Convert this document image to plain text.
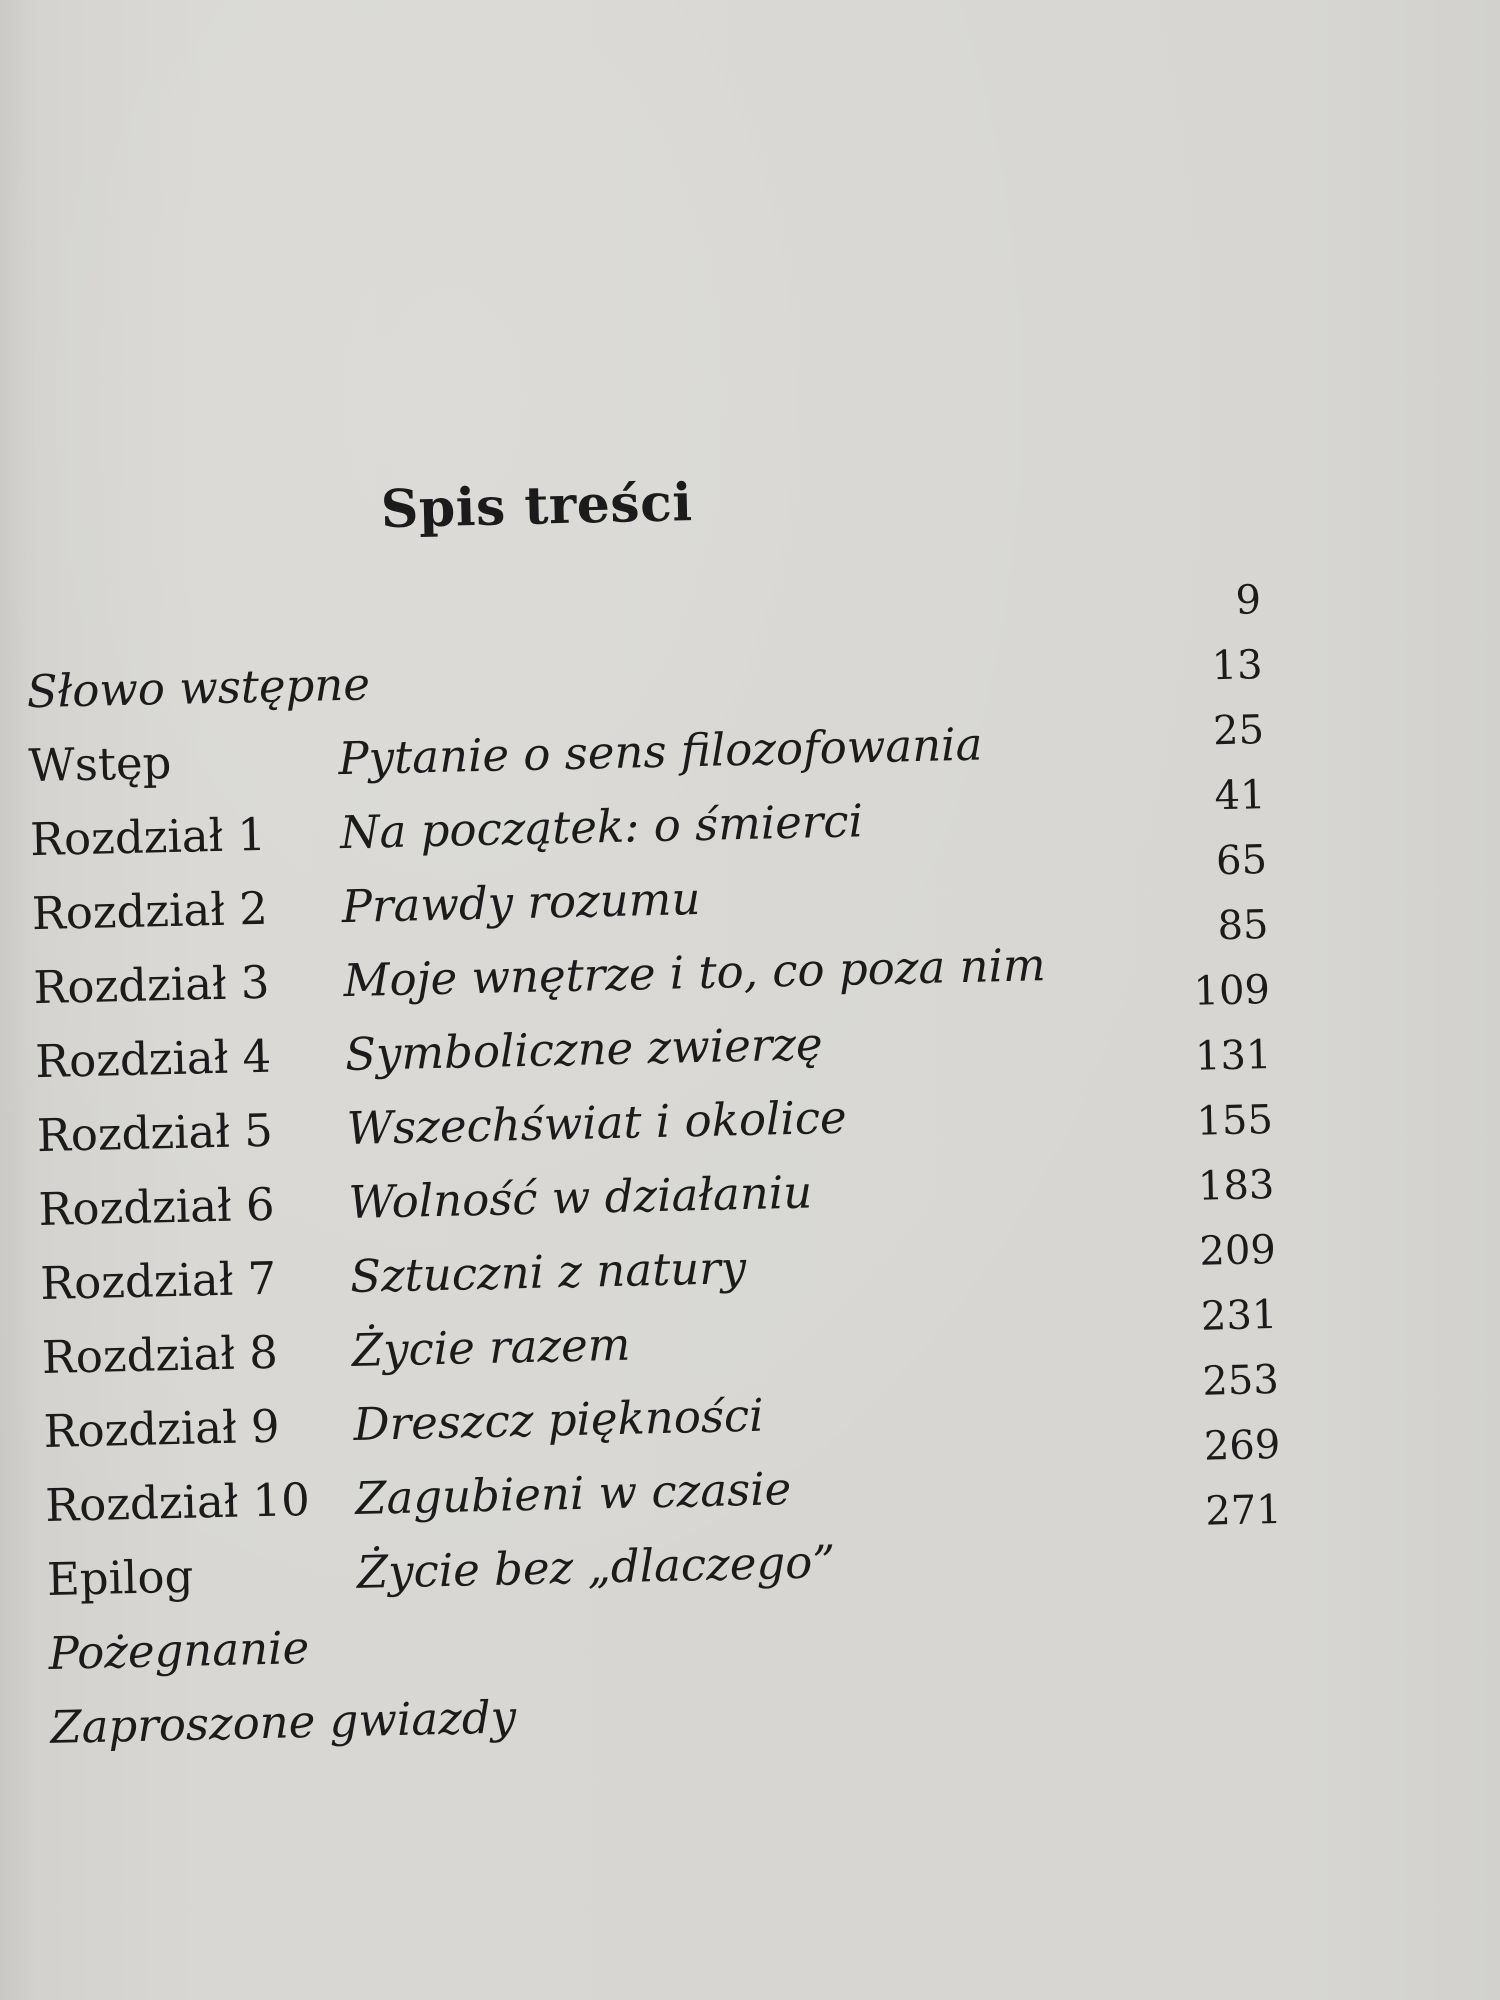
Spis treści
Słowo wstępne
Wstęp	Pytanie o sens filozofowania
Rozdział 1 Na początek: o śmierci
Rozdział 2 Prawdy rozumu
Rozdział 3 Moje wnętrze i to, co poza nim
Rozdział 4 Symboliczne zwierzę
Rozdział 5 Wszechświat i okolice
Rozdział 6 Wolność w działaniu
Rozdział 7 Sztuczni z natury
Rozdział 8 Życie razem
Rozdział 9 Dreszcz piękności
Rozdział 10 Zagubieni w czasie
Epilog	Życie bez „dlaczego”
Pożegnanie
Zaproszone gwiazdy
9
13
25
41
65
85
109
131
155
183
209
231
253
269
271
